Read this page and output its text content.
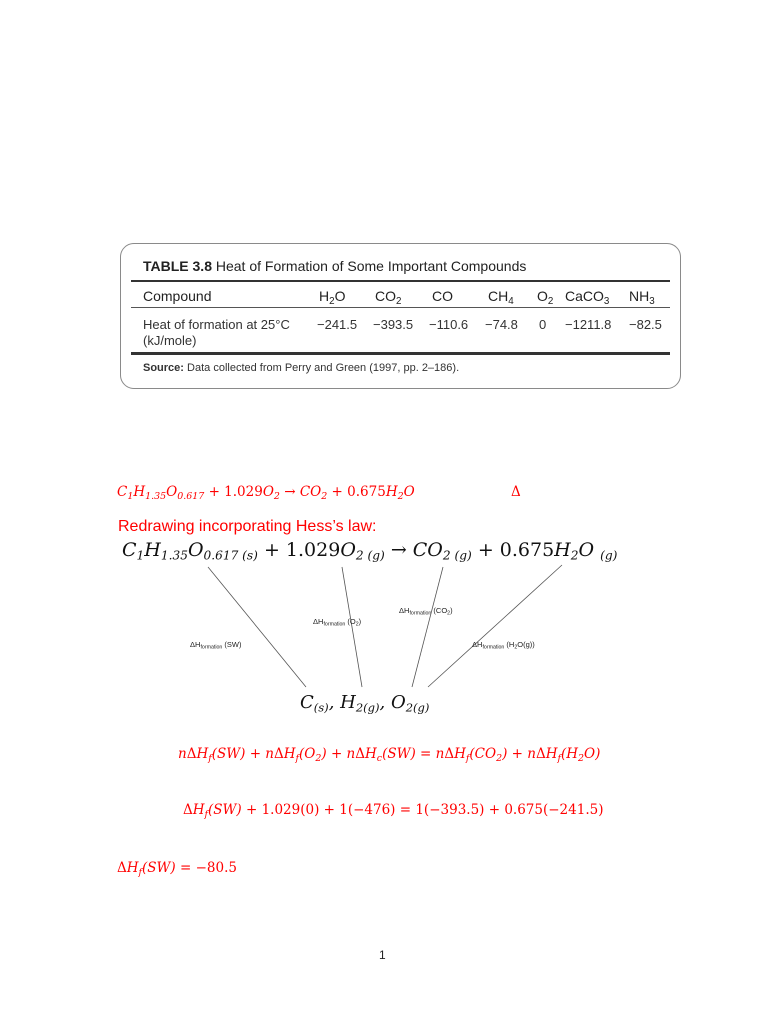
TABLE 3.8 Heat of Formation of Some Important Compounds
Compound	$H_2O$ $CO_2$ CO	$CH_4$ $O_2$ CaCO$_3$ $NH_3$
Heat of formation at 25°C
(kJ/mole)
−241.5 −393.5 −110.6 −74.8 0 −1211.8 −82.5
Source: Data collected from Perry and Green (1997, pp. 2–186).
$C_1H_{1.35}O_{0.617} + 1.029O_2 \to CO_2 + 0.675H_2O$	Δ
Redrawing incorporating Hess’s law:
$C_1H_{1.35}O_{0.617 (s)} + 1.029O_{2 (g)} \to CO_{2 (g)} + 0.675H_2O$ $_{(g)}$
$\Delta H_{formation}$ (SW)
$\Delta H_{formation}$ $(O_2)$
$\Delta H_{formation}$ $(CO_2)$
$\Delta H_{formation}$ $(H_2O(g))$
$C_{(s)}$, $H_{2(g)}$, $O_{2(g)}$
$n\Delta H_f(SW) + n\Delta H_f(O_2) + n\Delta H_c(SW) = n\Delta H_f(CO_2) + n\Delta H_f(H_2O)$
$\Delta H_f(SW) + 1.029(0) + 1(-476) = 1(-393.5) + 0.675(-241.5)$
$\Delta H_f(SW) = -80.5$
1
